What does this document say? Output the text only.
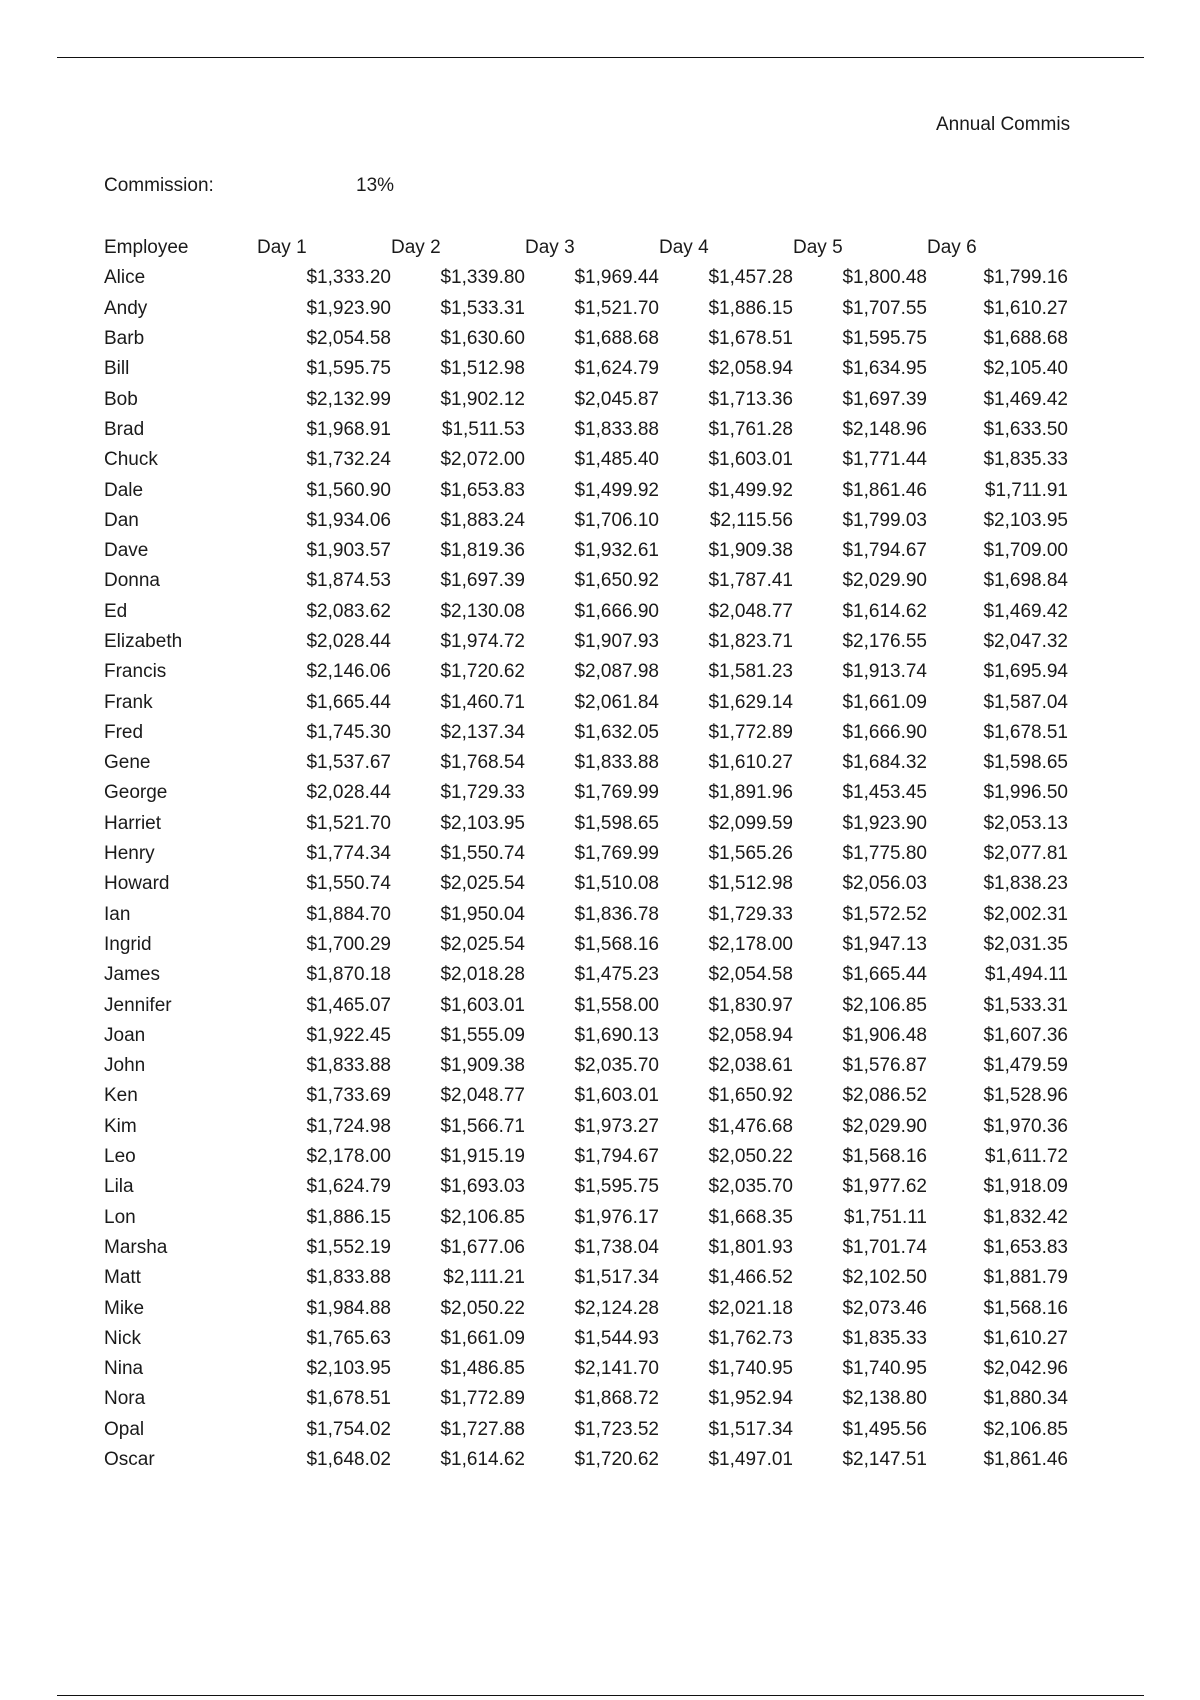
Annual Commis
Commission:	13%
Employee	Day 1	Day 2	Day 3	Day 4	Day 5	Day 6
Alice	$1,333.20	$1,339.80	$1,969.44	$1,457.28	$1,800.48	$1,799.16
Andy	$1,923.90	$1,533.31	$1,521.70	$1,886.15	$1,707.55	$1,610.27
Barb	$2,054.58	$1,630.60	$1,688.68	$1,678.51	$1,595.75	$1,688.68
Bill	$1,595.75	$1,512.98	$1,624.79	$2,058.94	$1,634.95	$2,105.40
Bob	$2,132.99	$1,902.12	$2,045.87	$1,713.36	$1,697.39	$1,469.42
Brad	$1,968.91	$1,511.53	$1,833.88	$1,761.28	$2,148.96	$1,633.50
Chuck	$1,732.24	$2,072.00	$1,485.40	$1,603.01	$1,771.44	$1,835.33
Dale	$1,560.90	$1,653.83	$1,499.92	$1,499.92	$1,861.46	$1,711.91
Dan	$1,934.06	$1,883.24	$1,706.10	$2,115.56	$1,799.03	$2,103.95
Dave	$1,903.57	$1,819.36	$1,932.61	$1,909.38	$1,794.67	$1,709.00
Donna	$1,874.53	$1,697.39	$1,650.92	$1,787.41	$2,029.90	$1,698.84
Ed	$2,083.62	$2,130.08	$1,666.90	$2,048.77	$1,614.62	$1,469.42
Elizabeth	$2,028.44	$1,974.72	$1,907.93	$1,823.71	$2,176.55	$2,047.32
Francis	$2,146.06	$1,720.62	$2,087.98	$1,581.23	$1,913.74	$1,695.94
Frank	$1,665.44	$1,460.71	$2,061.84	$1,629.14	$1,661.09	$1,587.04
Fred	$1,745.30	$2,137.34	$1,632.05	$1,772.89	$1,666.90	$1,678.51
Gene	$1,537.67	$1,768.54	$1,833.88	$1,610.27	$1,684.32	$1,598.65
George	$2,028.44	$1,729.33	$1,769.99	$1,891.96	$1,453.45	$1,996.50
Harriet	$1,521.70	$2,103.95	$1,598.65	$2,099.59	$1,923.90	$2,053.13
Henry	$1,774.34	$1,550.74	$1,769.99	$1,565.26	$1,775.80	$2,077.81
Howard	$1,550.74	$2,025.54	$1,510.08	$1,512.98	$2,056.03	$1,838.23
Ian	$1,884.70	$1,950.04	$1,836.78	$1,729.33	$1,572.52	$2,002.31
Ingrid	$1,700.29	$2,025.54	$1,568.16	$2,178.00	$1,947.13	$2,031.35
James	$1,870.18	$2,018.28	$1,475.23	$2,054.58	$1,665.44	$1,494.11
Jennifer	$1,465.07	$1,603.01	$1,558.00	$1,830.97	$2,106.85	$1,533.31
Joan	$1,922.45	$1,555.09	$1,690.13	$2,058.94	$1,906.48	$1,607.36
John	$1,833.88	$1,909.38	$2,035.70	$2,038.61	$1,576.87	$1,479.59
Ken	$1,733.69	$2,048.77	$1,603.01	$1,650.92	$2,086.52	$1,528.96
Kim	$1,724.98	$1,566.71	$1,973.27	$1,476.68	$2,029.90	$1,970.36
Leo	$2,178.00	$1,915.19	$1,794.67	$2,050.22	$1,568.16	$1,611.72
Lila	$1,624.79	$1,693.03	$1,595.75	$2,035.70	$1,977.62	$1,918.09
Lon	$1,886.15	$2,106.85	$1,976.17	$1,668.35	$1,751.11	$1,832.42
Marsha	$1,552.19	$1,677.06	$1,738.04	$1,801.93	$1,701.74	$1,653.83
Matt	$1,833.88	$2,111.21	$1,517.34	$1,466.52	$2,102.50	$1,881.79
Mike	$1,984.88	$2,050.22	$2,124.28	$2,021.18	$2,073.46	$1,568.16
Nick	$1,765.63	$1,661.09	$1,544.93	$1,762.73	$1,835.33	$1,610.27
Nina	$2,103.95	$1,486.85	$2,141.70	$1,740.95	$1,740.95	$2,042.96
Nora	$1,678.51	$1,772.89	$1,868.72	$1,952.94	$2,138.80	$1,880.34
Opal	$1,754.02	$1,727.88	$1,723.52	$1,517.34	$1,495.56	$2,106.85
Oscar	$1,648.02	$1,614.62	$1,720.62	$1,497.01	$2,147.51	$1,861.46
